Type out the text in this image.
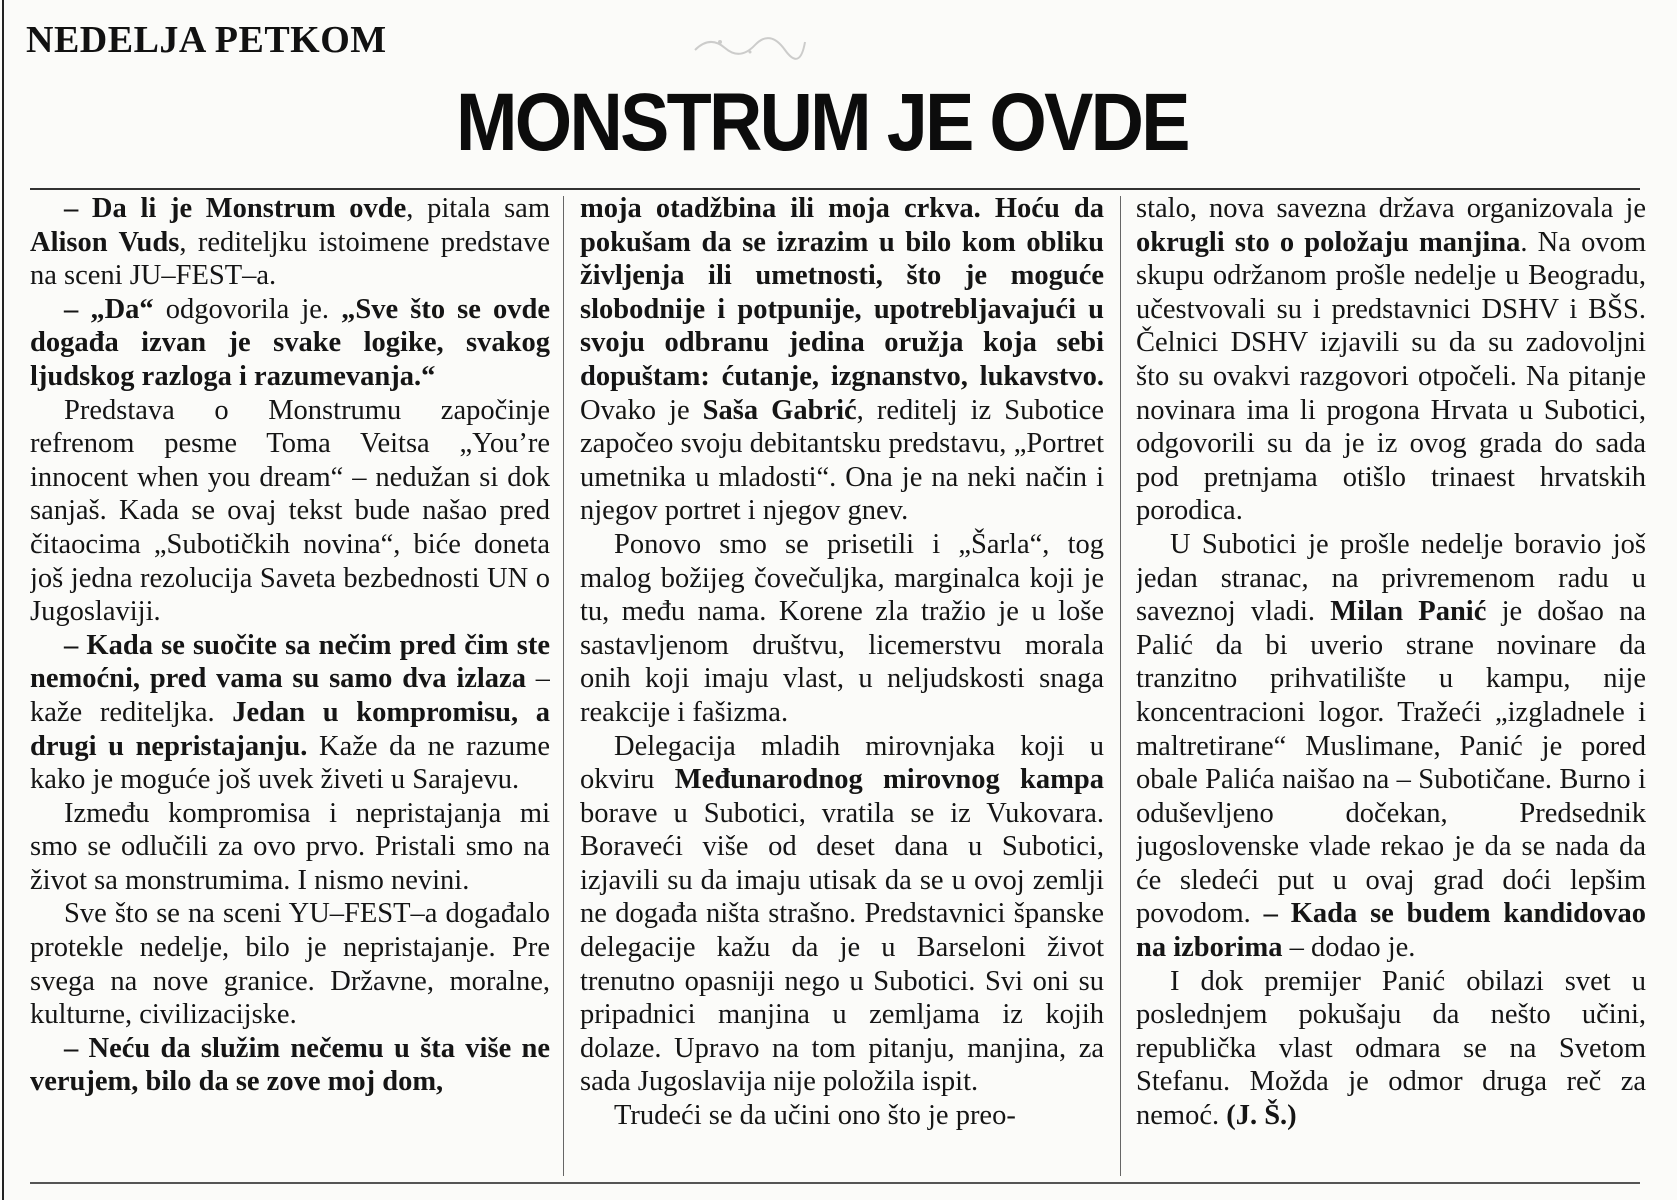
NEDELJA PETKOM
MONSTRUM JE OVDE

– Da li je Monstrum ovde, pitala sam Alison Vuds, rediteljku istoimene predstave na sceni JU–FEST–a.

– „Da“ odgovorila je. „Sve što se ovde događa izvan je svake logike, svakog ljudskog razloga i razumevanja.“

Predstava o Monstrumu započinje refrenom pesme Toma Veitsa „You’re innocent when you dream“ – nedužan si dok sanjaš. Kada se ovaj tekst bude našao pred čitaocima „Subotičkih novina“, biće doneta još jedna rezolucija Saveta bezbednosti UN o Jugoslaviji.

– Kada se suočite sa nečim pred čim ste nemoćni, pred vama su samo dva izlaza – kaže rediteljka. Jedan u kompromisu, a drugi u nepristajanju. Kaže da ne razume kako je moguće još uvek živeti u Sarajevu.

Između kompromisa i nepristajanja mi smo se odlučili za ovo prvo. Pristali smo na život sa monstrumima. I nismo nevini.

Sve što se na sceni YU–FEST–a događalo protekle nedelje, bilo je nepristajanje. Pre svega na nove granice. Državne, moralne, kulturne, civilizacijske.

– Neću da služim nečemu u šta više ne verujem, bilo da se zove moj dom,

moja otadžbina ili moja crkva. Hoću da pokušam da se izrazim u bilo kom obliku življenja ili umetnosti, što je moguće slobodnije i potpunije, upotrebljavajući u svoju odbranu jedina oružja koja sebi dopuštam: ćutanje, izgnanstvo, lukavstvo. Ovako je Saša Gabrić, reditelj iz Subotice započeo svoju debitantsku predstavu, „Portret umetnika u mladosti“. Ona je na neki način i njegov portret i njegov gnev.

Ponovo smo se prisetili i „Šarla“, tog malog božijeg čovečuljka, marginalca koji je tu, među nama. Korene zla tražio je u loše sastavljenom društvu, licemerstvu morala onih koji imaju vlast, u neljudskosti snaga reakcije i fašizma.

Delegacija mladih mirovnjaka koji u okviru Međunarodnog mirovnog kampa borave u Subotici, vratila se iz Vukovara. Boraveći više od deset dana u Subotici, izjavili su da imaju utisak da se u ovoj zemlji ne događa ništa strašno. Predstavnici španske delegacije kažu da je u Barseloni život trenutno opasniji nego u Subotici. Svi oni su pripadnici manjina u zemljama iz kojih dolaze. Upravo na tom pitanju, manjina, za sada Jugoslavija nije položila ispit.

Trudeći se da učini ono što je preo-

stalo, nova savezna država organizovala je okrugli sto o položaju manjina. Na ovom skupu održanom prošle nedelje u Beogradu, učestvovali su i predstavnici DSHV i BŠS. Čelnici DSHV izjavili su da su zadovoljni što su ovakvi razgovori otpočeli. Na pitanje novinara ima li progona Hrvata u Subotici, odgovorili su da je iz ovog grada do sada pod pretnjama otišlo trinaest hrvatskih porodica.

U Subotici je prošle nedelje boravio još jedan stranac, na privremenom radu u saveznoj vladi. Milan Panić je došao na Palić da bi uverio strane novinare da tranzitno prihvatilište u kampu, nije koncentracioni logor. Tražeći „izgladnele i maltretirane“ Muslimane, Panić je pored obale Palića naišao na – Subotičane. Burno i oduševljeno dočekan, Predsednik jugoslovenske vlade rekao je da se nada da će sledeći put u ovaj grad doći lepšim povodom. – Kada se budem kandidovao na izborima – dodao je.

I dok premijer Panić obilazi svet u poslednjem pokušaju da nešto učini, republička vlast odmara se na Svetom Stefanu. Možda je odmor druga reč za nemoć. (J. Š.)
